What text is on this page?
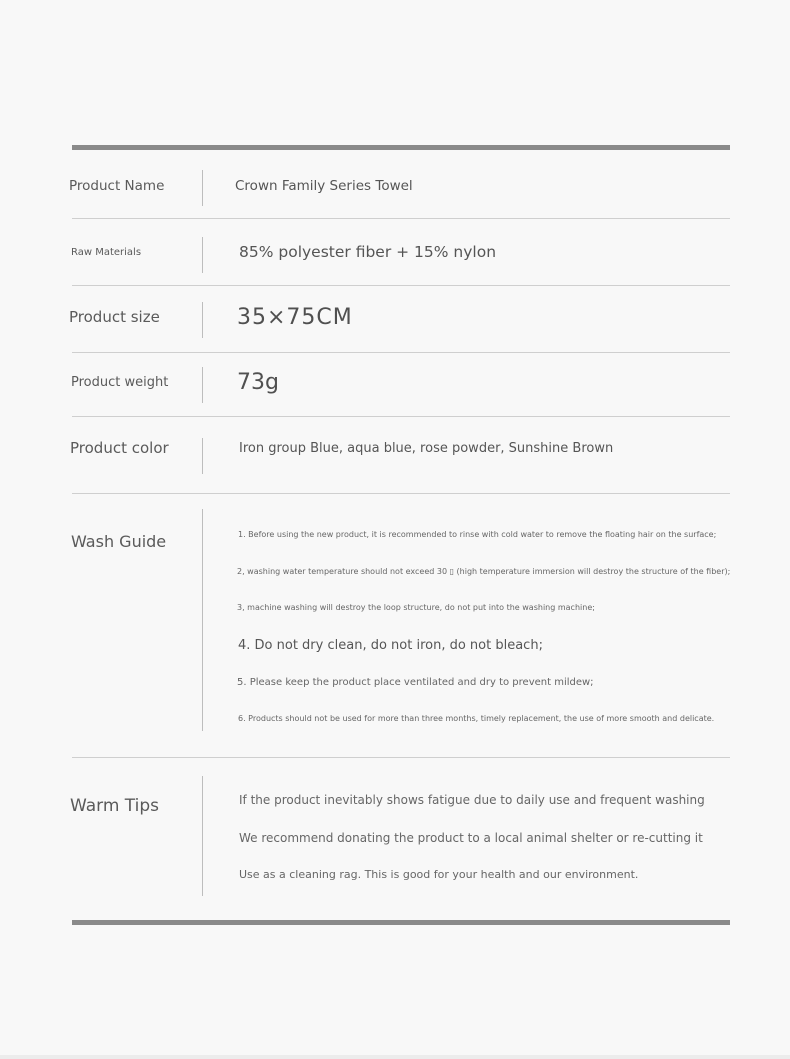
Product Name	Crown Family Series Towel
Raw Materials	85% polyester fiber + 15% nylon
Product size	35×75CM
Product weight	73g
Product color	Iron group Blue, aqua blue, rose powder, Sunshine Brown
Wash Guide	1. Before using the new product, it is recommended to rinse with cold water to remove the floating hair on the surface;
2, washing water temperature should not exceed 30 ▯ (high temperature immersion will destroy the structure of the fiber);
3, machine washing will destroy the loop structure, do not put into the washing machine;
4. Do not dry clean, do not iron, do not bleach;
5. Please keep the product place ventilated and dry to prevent mildew;
6. Products should not be used for more than three months, timely replacement, the use of more smooth and delicate.
Warm Tips	If the product inevitably shows fatigue due to daily use and frequent washing
We recommend donating the product to a local animal shelter or re-cutting it
Use as a cleaning rag. This is good for your health and our environment.
